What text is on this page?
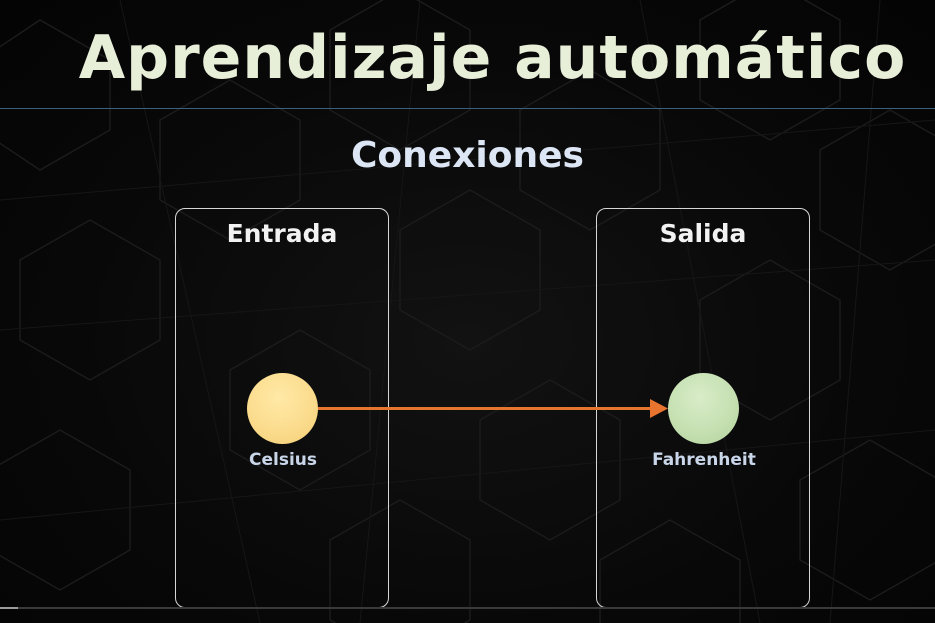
Aprendizaje automático
Conexiones
Entrada	Salida
Celsius	Fahrenheit
